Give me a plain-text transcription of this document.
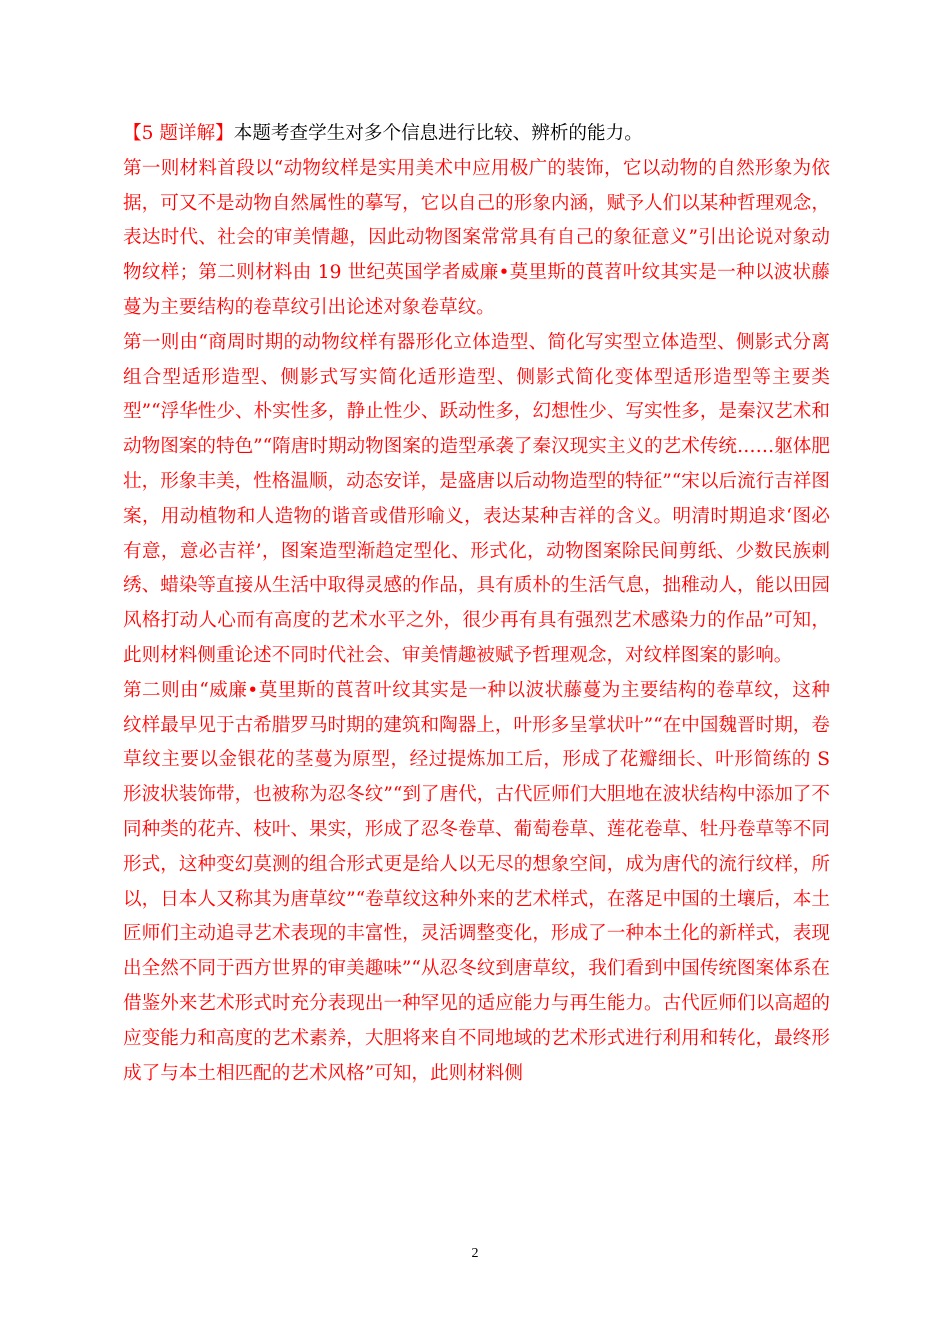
【5 题详解】本题考查学生对多个信息进行比较、辨析的能力。

第一则材料首段以“动物纹样是实用美术中应用极广的装饰，它以动物的自然形象为依据，可又不是动物自然属性的摹写，它以自己的形象内涵，赋予人们以某种哲理观念，表达时代、社会的审美情趣，因此动物图案常常具有自己的象征意义”引出论说对象动物纹样；第二则材料由 19 世纪英国学者威廉•莫里斯的莨苕叶纹其实是一种以波状藤蔓为主要结构的卷草纹引出论述对象卷草纹。

第一则由“商周时期的动物纹样有器形化立体造型、简化写实型立体造型、侧影式分离组合型适形造型、侧影式写实简化适形造型、侧影式简化变体型适形造型等主要类型”“浮华性少、朴实性多，静止性少、跃动性多，幻想性少、写实性多，是秦汉艺术和动物图案的特色”“隋唐时期动物图案的造型承袭了秦汉现实主义的艺术传统……躯体肥壮，形象丰美，性格温顺，动态安详，是盛唐以后动物造型的特征”“宋以后流行吉祥图案，用动植物和人造物的谐音或借形喻义，表达某种吉祥的含义。明清时期追求‘图必有意，意必吉祥’，图案造型渐趋定型化、形式化，动物图案除民间剪纸、少数民族刺绣、蜡染等直接从生活中取得灵感的作品，具有质朴的生活气息，拙稚动人，能以田园风格打动人心而有高度的艺术水平之外，很少再有具有强烈艺术感染力的作品”可知，此则材料侧重论述不同时代社会、审美情趣被赋予哲理观念，对纹样图案的影响。

第二则由“威廉•莫里斯的莨苕叶纹其实是一种以波状藤蔓为主要结构的卷草纹，这种纹样最早见于古希腊罗马时期的建筑和陶器上，叶形多呈掌状叶”“在中国魏晋时期，卷草纹主要以金银花的茎蔓为原型，经过提炼加工后，形成了花瓣细长、叶形简练的 S 形波状装饰带，也被称为忍冬纹”“到了唐代，古代匠师们大胆地在波状结构中添加了不同种类的花卉、枝叶、果实，形成了忍冬卷草、葡萄卷草、莲花卷草、牡丹卷草等不同形式，这种变幻莫测的组合形式更是给人以无尽的想象空间，成为唐代的流行纹样，所以，日本人又称其为唐草纹”“卷草纹这种外来的艺术样式，在落足中国的土壤后，本土匠师们主动追寻艺术表现的丰富性，灵活调整变化，形成了一种本土化的新样式，表现出全然不同于西方世界的审美趣味”“从忍冬纹到唐草纹，我们看到中国传统图案体系在借鉴外来艺术形式时充分表现出一种罕见的适应能力与再生能力。古代匠师们以高超的应变能力和高度的艺术素养，大胆将来自不同地域的艺术形式进行利用和转化，最终形成了与本土相匹配的艺术风格”可知，此则材料侧

2
